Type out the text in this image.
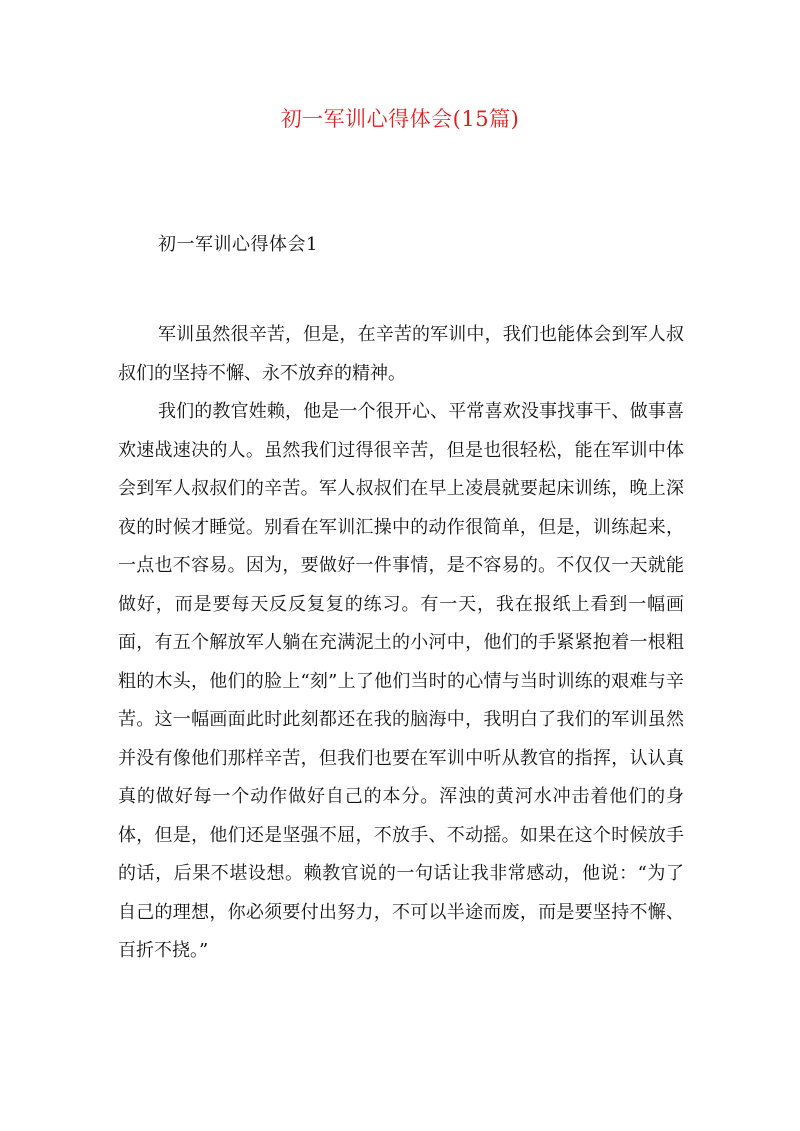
初一军训心得体会(15篇)
初一军训心得体会1

军训虽然很辛苦，但是，在辛苦的军训中，我们也能体会到军人叔叔们的坚持不懈、永不放弃的精神。

我们的教官姓赖，他是一个很开心、平常喜欢没事找事干、做事喜欢速战速决的人。虽然我们过得很辛苦，但是也很轻松，能在军训中体会到军人叔叔们的辛苦。军人叔叔们在早上凌晨就要起床训练，晚上深夜的时候才睡觉。别看在军训汇操中的动作很简单，但是，训练起来，一点也不容易。因为，要做好一件事情，是不容易的。不仅仅一天就能做好，而是要每天反反复复的练习。有一天，我在报纸上看到一幅画面，有五个解放军人躺在充满泥土的小河中，他们的手紧紧抱着一根粗粗的木头，他们的脸上“刻”上了他们当时的心情与当时训练的艰难与辛苦。这一幅画面此时此刻都还在我的脑海中，我明白了我们的军训虽然并没有像他们那样辛苦，但我们也要在军训中听从教官的指挥，认认真真的做好每一个动作做好自己的本分。浑浊的黄河水冲击着他们的身体，但是，他们还是坚强不屈，不放手、不动摇。如果在这个时候放手的话，后果不堪设想。赖教官说的一句话让我非常感动，他说：“为了自己的理想，你必须要付出努力，不可以半途而废，而是要坚持不懈、百折不挠。”
